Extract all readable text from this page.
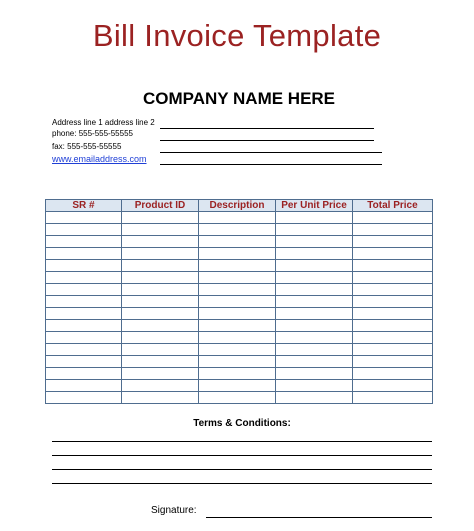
Bill Invoice Template
COMPANY NAME HERE
Address line 1 address line 2
phone: 555-555-55555
fax: 555-555-55555
www.emailaddress.com
SR #	Product ID	Description	Per Unit Price	Total Price

Terms & Conditions:
Signature:
